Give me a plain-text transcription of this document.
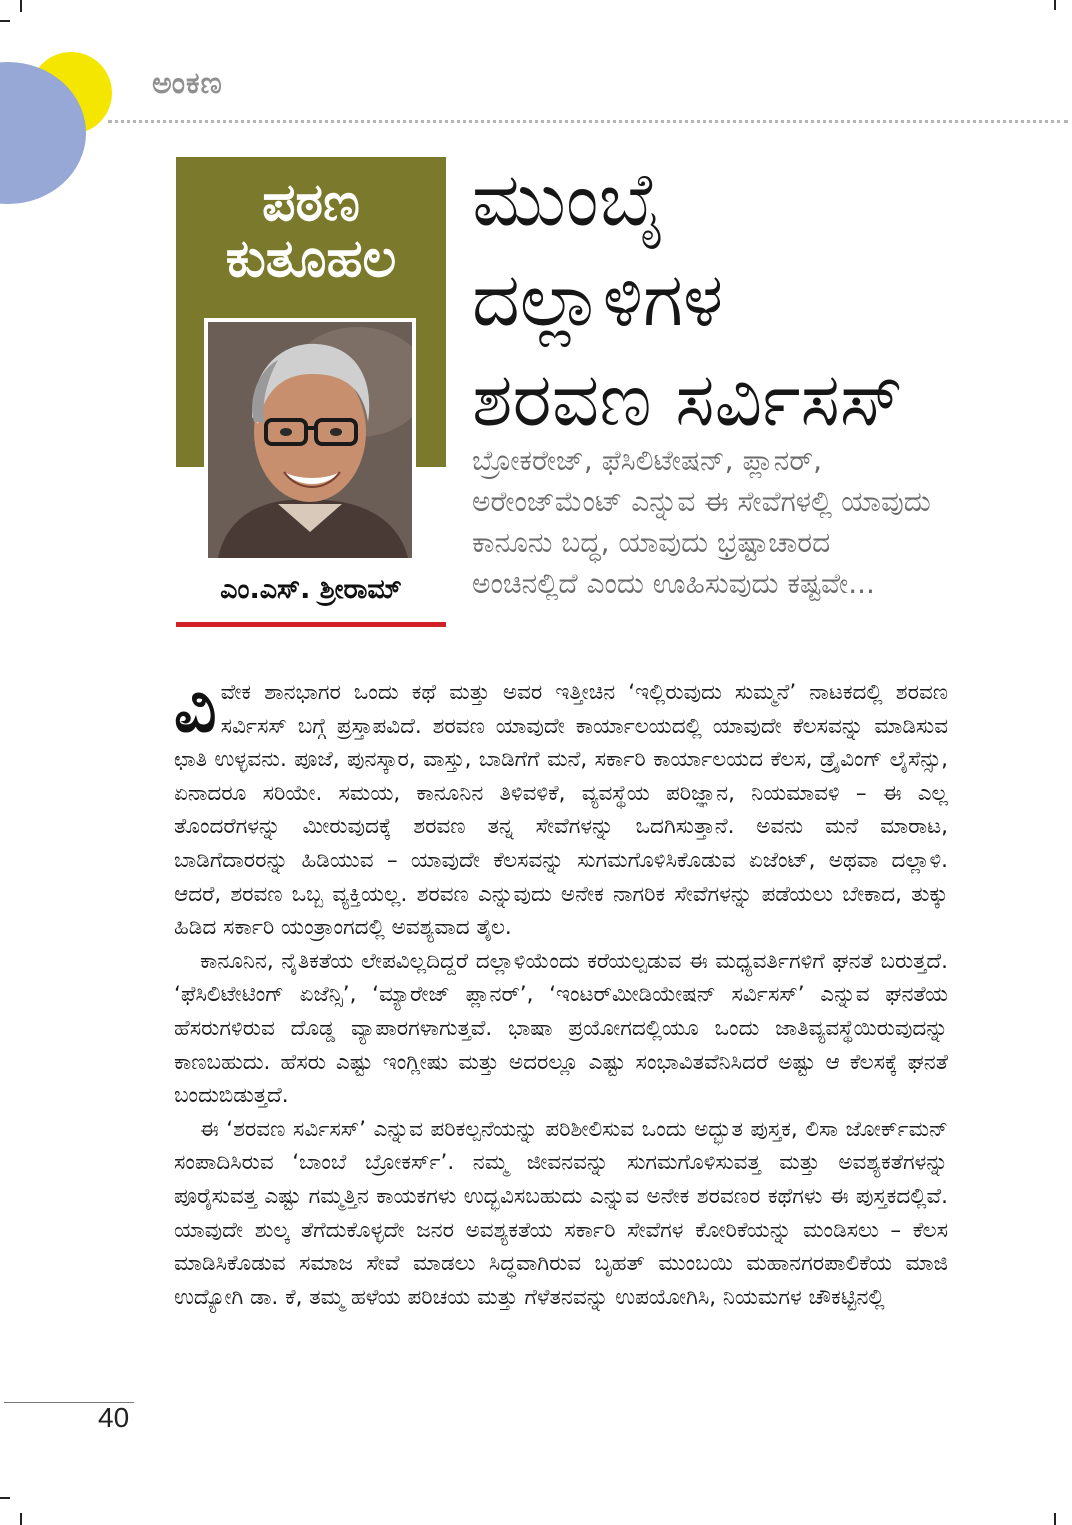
ಅಂಕಣ
ಪಠಣ
ಕುತೂಹಲ
ಎಂ.ಎಸ್. ಶ್ರೀರಾಮ್
ಮುಂಬೈ
ದಲ್ಲಾಳಿಗಳ
ಶರವಣ ಸರ್ವಿಸಸ್

ಬ್ರೋಕರೇಜ್, ಫೆಸಿಲಿಟೇಷನ್, ಪ್ಲಾನರ್, ಅರೇಂಜ್‌ಮೆಂಟ್ ಎನ್ನುವ ಈ ಸೇವೆಗಳಲ್ಲಿ ಯಾವುದು ಕಾನೂನು ಬದ್ಧ, ಯಾವುದು ಭ್ರಷ್ಟಾಚಾರದ ಅಂಚಿನಲ್ಲಿದೆ ಎಂದು ಊಹಿಸುವುದು ಕಷ್ಟವೇ...

ವಿವೇಕ ಶಾನಭಾಗರ ಒಂದು ಕಥೆ ಮತ್ತು ಅವರ ಇತ್ತೀಚಿನ ‘ಇಲ್ಲಿರುವುದು ಸುಮ್ಮನೆ’ ನಾಟಕದಲ್ಲಿ ಶರವಣ ಸರ್ವಿಸಸ್ ಬಗ್ಗೆ ಪ್ರಸ್ತಾಪವಿದೆ. ಶರವಣ ಯಾವುದೇ ಕಾರ್ಯಾಲಯದಲ್ಲಿ ಯಾವುದೇ ಕೆಲಸವನ್ನು ಮಾಡಿಸುವ ಛಾತಿ ಉಳ್ಳವನು. ಪೂಜೆ, ಪುನಸ್ಕಾರ, ವಾಸ್ತು, ಬಾಡಿಗೆಗೆ ಮನೆ, ಸರ್ಕಾರಿ ಕಾರ್ಯಾಲಯದ ಕೆಲಸ, ಡ್ರೈವಿಂಗ್ ಲೈಸೆನ್ಸು, ಏನಾದರೂ ಸರಿಯೇ. ಸಮಯ, ಕಾನೂನಿನ ತಿಳಿವಳಿಕೆ, ವ್ಯವಸ್ಥೆಯ ಪರಿಜ್ಞಾನ, ನಿಯಮಾವಳಿ – ಈ ಎಲ್ಲ ತೊಂದರೆಗಳನ್ನು ಮೀರುವುದಕ್ಕೆ ಶರವಣ ತನ್ನ ಸೇವೆಗಳನ್ನು ಒದಗಿಸುತ್ತಾನೆ. ಅವನು ಮನೆ ಮಾರಾಟ, ಬಾಡಿಗೆದಾರರನ್ನು ಹಿಡಿಯುವ – ಯಾವುದೇ ಕೆಲಸವನ್ನು ಸುಗಮಗೊಳಿಸಿಕೊಡುವ ಏಜೆಂಟ್, ಅಥವಾ ದಲ್ಲಾಳಿ. ಆದರೆ, ಶರವಣ ಒಬ್ಬ ವ್ಯಕ್ತಿಯಲ್ಲ. ಶರವಣ ಎನ್ನುವುದು ಅನೇಕ ನಾಗರಿಕ ಸೇವೆಗಳನ್ನು ಪಡೆಯಲು ಬೇಕಾದ, ತುಕ್ಕು ಹಿಡಿದ ಸರ್ಕಾರಿ ಯಂತ್ರಾಂಗದಲ್ಲಿ ಅವಶ್ಯವಾದ ತೈಲ.

ಕಾನೂನಿನ, ನೈತಿಕತೆಯ ಲೇಪವಿಲ್ಲದಿದ್ದರೆ ದಲ್ಲಾಳಿಯೆಂದು ಕರೆಯಲ್ಪಡುವ ಈ ಮಧ್ಯವರ್ತಿಗಳಿಗೆ ಘನತೆ ಬರುತ್ತದೆ. ‘ಫೆಸಿಲಿಟೇಟಿಂಗ್ ಏಜೆನ್ಸಿ’, ‘ಮ್ಯಾರೇಜ್ ಪ್ಲಾನರ್’, ‘ಇಂಟರ್‌ಮೀಡಿಯೇಷನ್ ಸರ್ವಿಸಸ್’ ಎನ್ನುವ ಘನತೆಯ ಹೆಸರುಗಳಿರುವ ದೊಡ್ಡ ವ್ಯಾಪಾರಗಳಾಗುತ್ತವೆ. ಭಾಷಾ ಪ್ರಯೋಗದಲ್ಲಿಯೂ ಒಂದು ಜಾತಿವ್ಯವಸ್ಥೆಯಿರುವುದನ್ನು ಕಾಣಬಹುದು. ಹೆಸರು ಎಷ್ಟು ಇಂಗ್ಲೀಷು ಮತ್ತು ಅದರಲ್ಲೂ ಎಷ್ಟು ಸಂಭಾವಿತವೆನಿಸಿದರೆ ಅಷ್ಟು ಆ ಕೆಲಸಕ್ಕೆ ಘನತೆ ಬಂದುಬಿಡುತ್ತದೆ.

ಈ ‘ಶರವಣ ಸರ್ವಿಸಸ್’ ಎನ್ನುವ ಪರಿಕಲ್ಪನೆಯನ್ನು ಪರಿಶೀಲಿಸುವ ಒಂದು ಅದ್ಭುತ ಪುಸ್ತಕ, ಲಿಸಾ ಜೋರ್ಕ್‌ಮನ್ ಸಂಪಾದಿಸಿರುವ ‘ಬಾಂಬೆ ಬ್ರೋಕರ್ಸ್’. ನಮ್ಮ ಜೀವನವನ್ನು ಸುಗಮಗೊಳಿಸುವತ್ತ ಮತ್ತು ಅವಶ್ಯಕತೆಗಳನ್ನು ಪೂರೈಸುವತ್ತ ಎಷ್ಟು ಗಮ್ಮತ್ತಿನ ಕಾಯಕಗಳು ಉದ್ಭವಿಸಬಹುದು ಎನ್ನುವ ಅನೇಕ ಶರವಣರ ಕಥೆಗಳು ಈ ಪುಸ್ತಕದಲ್ಲಿವೆ. ಯಾವುದೇ ಶುಲ್ಕ ತೆಗೆದುಕೊಳ್ಳದೇ ಜನರ ಅವಶ್ಯಕತೆಯ ಸರ್ಕಾರಿ ಸೇವೆಗಳ ಕೋರಿಕೆಯನ್ನು ಮಂಡಿಸಲು – ಕೆಲಸ ಮಾಡಿಸಿಕೊಡುವ ಸಮಾಜ ಸೇವೆ ಮಾಡಲು ಸಿದ್ಧವಾಗಿರುವ ಬೃಹತ್ ಮುಂಬಯಿ ಮಹಾನಗರಪಾಲಿಕೆಯ ಮಾಜಿ ಉದ್ಯೋಗಿ ಡಾ. ಕೆ, ತಮ್ಮ ಹಳೆಯ ಪರಿಚಯ ಮತ್ತು ಗೆಳೆತನವನ್ನು ಉಪಯೋಗಿಸಿ, ನಿಯಮಗಳ ಚೌಕಟ್ಟಿನಲ್ಲಿ

40
